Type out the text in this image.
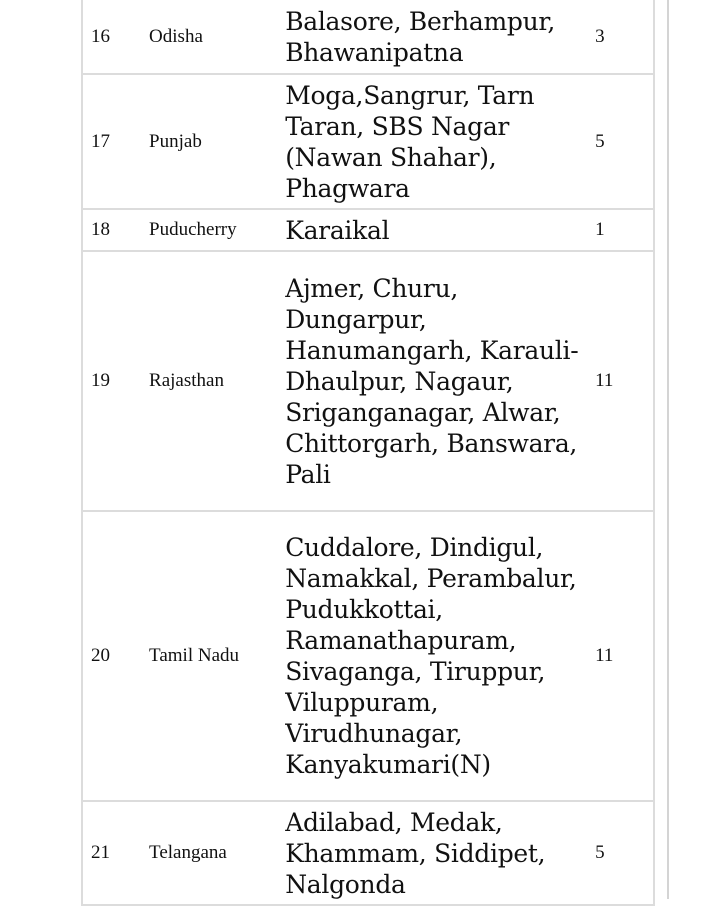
16	Odisha	Balasore, Berhampur, Bhawanipatna	3
17	Punjab	Moga,Sangrur, Tarn Taran, SBS Nagar (Nawan Shahar), Phagwara	5
18	Puducherry	Karaikal	1
19	Rajasthan	Ajmer, Churu, Dungarpur, Hanumangarh, Karauli-Dhaulpur, Nagaur, Sriganganagar, Alwar, Chittorgarh, Banswara, Pali	11
20	Tamil Nadu	Cuddalore, Dindigul, Namakkal, Perambalur, Pudukkottai, Ramanathapuram, Sivaganga, Tiruppur, Viluppuram, Virudhunagar, Kanyakumari(N)	11
21	Telangana	Adilabad, Medak, Khammam, Siddipet, Nalgonda	5
